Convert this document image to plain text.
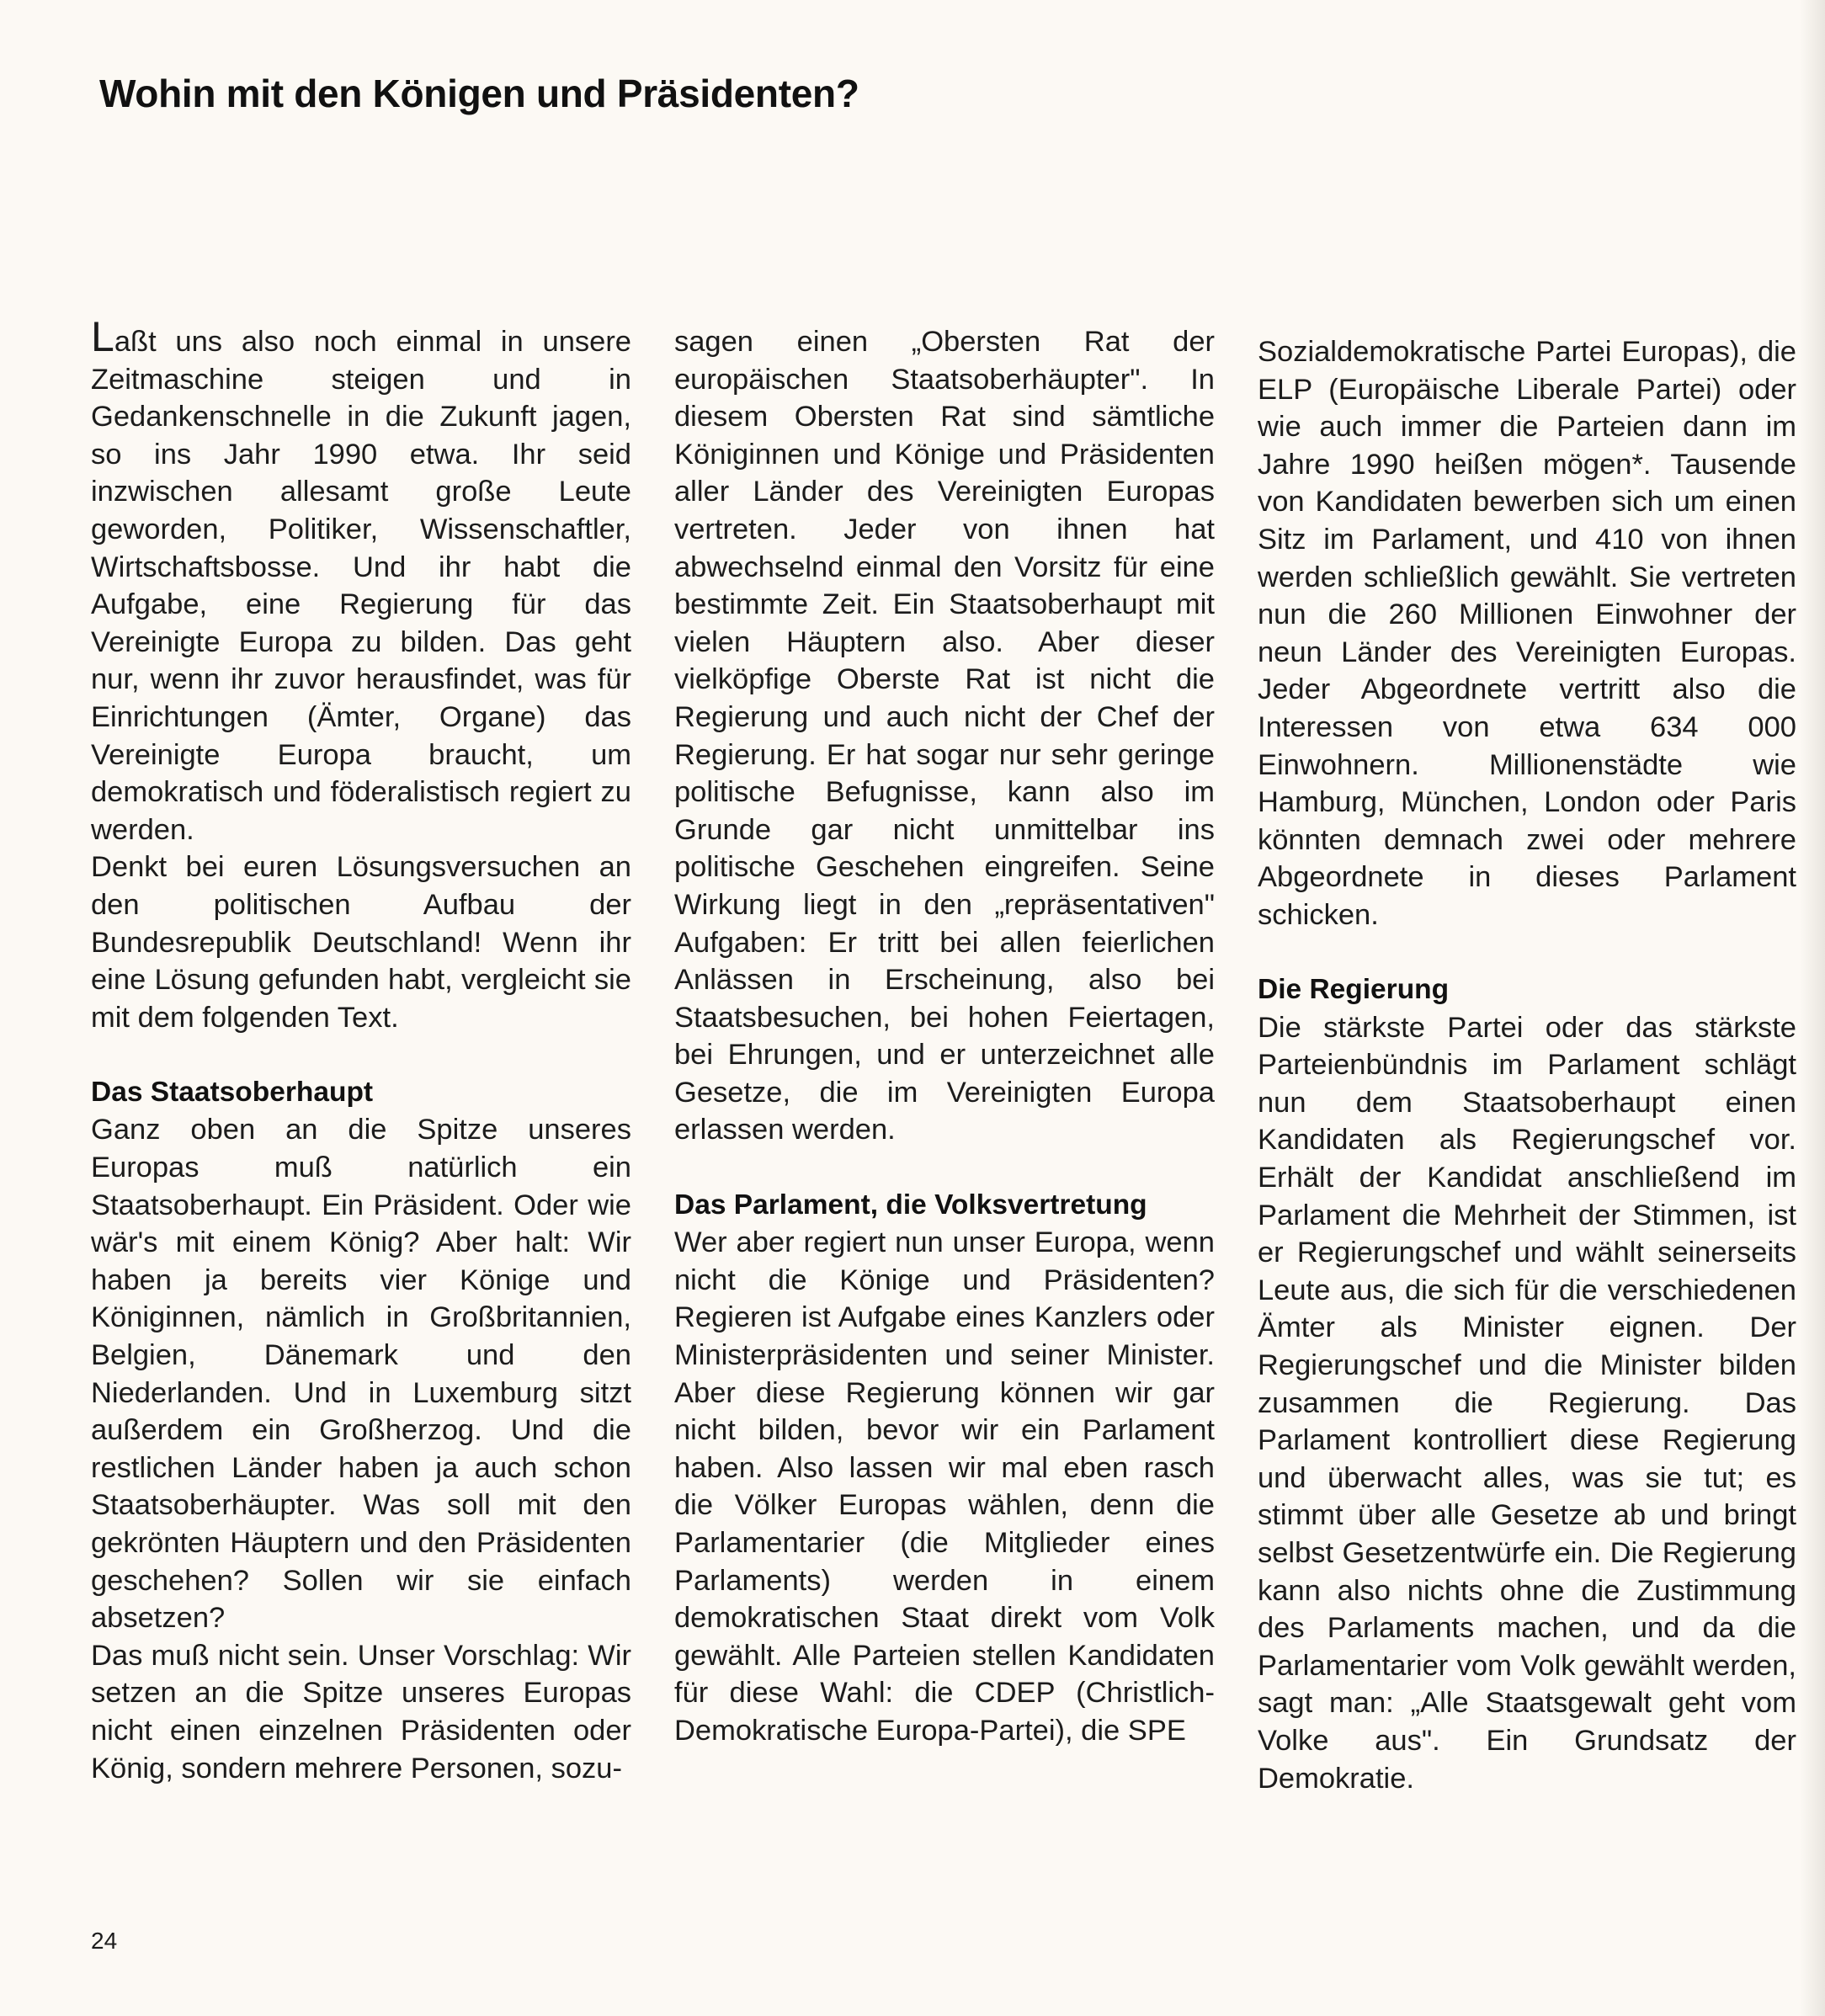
Wohin mit den Königen und Präsidenten?

Laßt uns also noch einmal in unsere Zeitmaschine steigen und in Gedankenschnelle in die Zukunft jagen, so ins Jahr 1990 etwa. Ihr seid inzwischen allesamt große Leute geworden, Politiker, Wissenschaftler, Wirtschaftsbosse. Und ihr habt die Aufgabe, eine Regierung für das Vereinigte Europa zu bilden. Das geht nur, wenn ihr zuvor herausfindet, was für Einrichtungen (Ämter, Organe) das Vereinigte Europa braucht, um demokratisch und föderalistisch regiert zu werden.

Denkt bei euren Lösungsversuchen an den politischen Aufbau der Bundesrepublik Deutschland! Wenn ihr eine Lösung gefunden habt, vergleicht sie mit dem folgenden Text.

Das Staatsoberhaupt

Ganz oben an die Spitze unseres Europas muß natürlich ein Staatsoberhaupt. Ein Präsident. Oder wie wär's mit einem König? Aber halt: Wir haben ja bereits vier Könige und Königinnen, nämlich in Großbritannien, Belgien, Dänemark und den Niederlanden. Und in Luxemburg sitzt außerdem ein Großherzog. Und die restlichen Länder haben ja auch schon Staatsoberhäupter. Was soll mit den gekrönten Häuptern und den Präsidenten geschehen? Sollen wir sie einfach absetzen?

Das muß nicht sein. Unser Vorschlag: Wir setzen an die Spitze unseres Europas nicht einen einzelnen Präsidenten oder König, sondern mehrere Personen, sozu-

sagen einen „Obersten Rat der europäischen Staatsoberhäupter". In diesem Obersten Rat sind sämtliche Königinnen und Könige und Präsidenten aller Länder des Vereinigten Europas vertreten. Jeder von ihnen hat abwechselnd einmal den Vorsitz für eine bestimmte Zeit. Ein Staatsoberhaupt mit vielen Häuptern also. Aber dieser vielköpfige Oberste Rat ist nicht die Regierung und auch nicht der Chef der Regierung. Er hat sogar nur sehr geringe politische Befugnisse, kann also im Grunde gar nicht unmittelbar ins politische Geschehen eingreifen. Seine Wirkung liegt in den „repräsentativen" Aufgaben: Er tritt bei allen feierlichen Anlässen in Erscheinung, also bei Staatsbesuchen, bei hohen Feiertagen, bei Ehrungen, und er unterzeichnet alle Gesetze, die im Vereinigten Europa erlassen werden.

Das Parlament, die Volksvertretung

Wer aber regiert nun unser Europa, wenn nicht die Könige und Präsidenten? Regieren ist Aufgabe eines Kanzlers oder Ministerpräsidenten und seiner Minister. Aber diese Regierung können wir gar nicht bilden, bevor wir ein Parlament haben. Also lassen wir mal eben rasch die Völker Europas wählen, denn die Parlamentarier (die Mitglieder eines Parlaments) werden in einem demokratischen Staat direkt vom Volk gewählt. Alle Parteien stellen Kandidaten für diese Wahl: die CDEP (Christlich-Demokratische Europa-Partei), die SPE

Sozialdemokratische Partei Europas), die ELP (Europäische Liberale Partei) oder wie auch immer die Parteien dann im Jahre 1990 heißen mögen*. Tausende von Kandidaten bewerben sich um einen Sitz im Parlament, und 410 von ihnen werden schließlich gewählt. Sie vertreten nun die 260 Millionen Einwohner der neun Länder des Vereinigten Europas. Jeder Abgeordnete vertritt also die Interessen von etwa 634 000 Einwohnern. Millionenstädte wie Hamburg, München, London oder Paris könnten demnach zwei oder mehrere Abgeordnete in dieses Parlament schicken.

Die Regierung

Die stärkste Partei oder das stärkste Parteienbündnis im Parlament schlägt nun dem Staatsoberhaupt einen Kandidaten als Regierungschef vor. Erhält der Kandidat anschließend im Parlament die Mehrheit der Stimmen, ist er Regierungschef und wählt seinerseits Leute aus, die sich für die verschiedenen Ämter als Minister eignen. Der Regierungschef und die Minister bilden zusammen die Regierung. Das Parlament kontrolliert diese Regierung und überwacht alles, was sie tut; es stimmt über alle Gesetze ab und bringt selbst Gesetzentwürfe ein. Die Regierung kann also nichts ohne die Zustimmung des Parlaments machen, und da die Parlamentarier vom Volk gewählt werden, sagt man: „Alle Staatsgewalt geht vom Volke aus". Ein Grundsatz der Demokratie.

24
